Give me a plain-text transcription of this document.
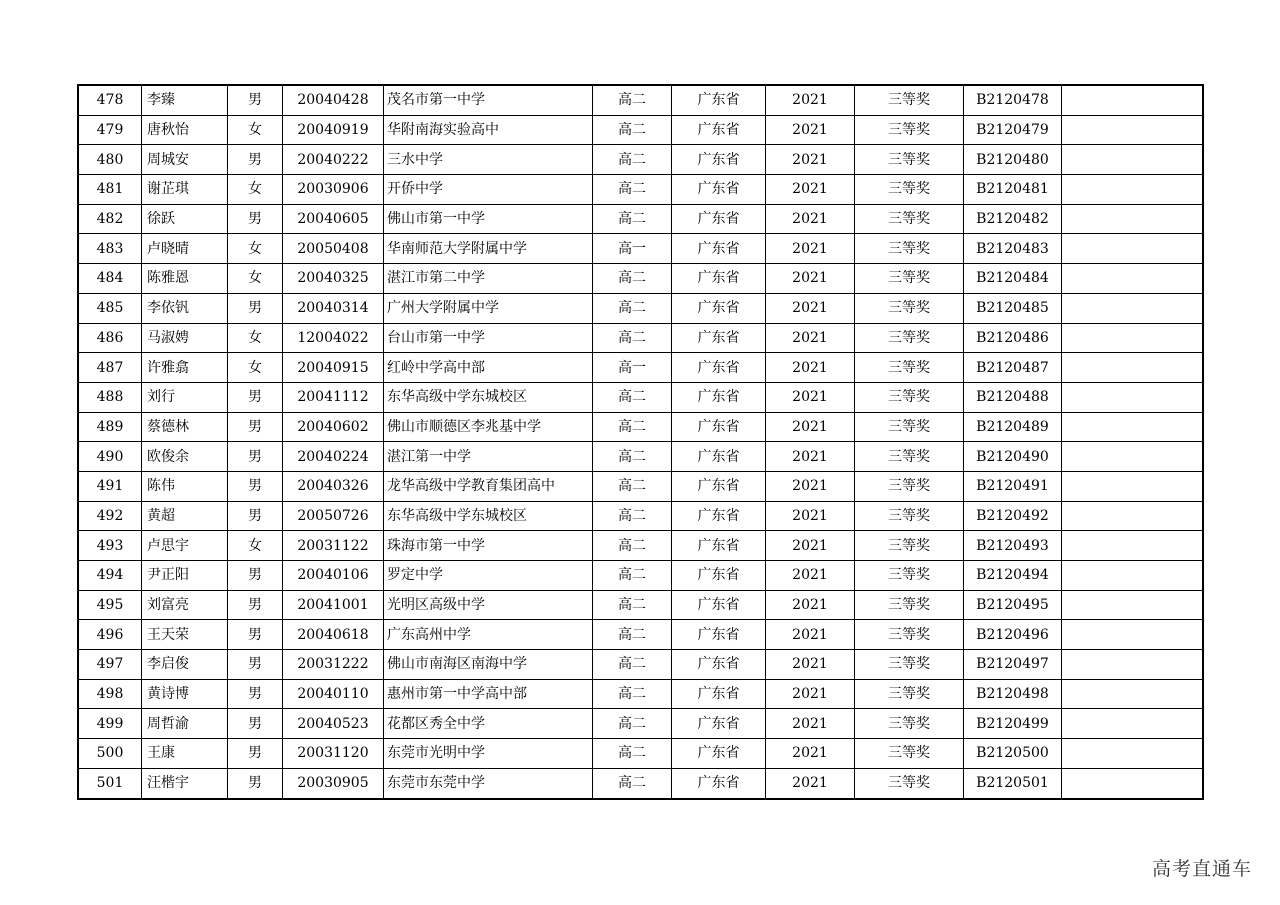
478	李臻	男	20040428	茂名市第一中学	高二	广东省	2021	三等奖	B2120478	
479	唐秋怡	女	20040919	华附南海实验高中	高二	广东省	2021	三等奖	B2120479	
480	周城安	男	20040222	三水中学	高二	广东省	2021	三等奖	B2120480	
481	谢芷琪	女	20030906	开侨中学	高二	广东省	2021	三等奖	B2120481	
482	徐跃	男	20040605	佛山市第一中学	高二	广东省	2021	三等奖	B2120482	
483	卢晓晴	女	20050408	华南师范大学附属中学	高一	广东省	2021	三等奖	B2120483	
484	陈雅恩	女	20040325	湛江市第二中学	高二	广东省	2021	三等奖	B2120484	
485	李依钒	男	20040314	广州大学附属中学	高二	广东省	2021	三等奖	B2120485	
486	马淑娉	女	12004022	台山市第一中学	高二	广东省	2021	三等奖	B2120486	
487	许雅翕	女	20040915	红岭中学高中部	高一	广东省	2021	三等奖	B2120487	
488	刘行	男	20041112	东华高级中学东城校区	高二	广东省	2021	三等奖	B2120488	
489	蔡德林	男	20040602	佛山市顺德区李兆基中学	高二	广东省	2021	三等奖	B2120489	
490	欧俊余	男	20040224	湛江第一中学	高二	广东省	2021	三等奖	B2120490	
491	陈伟	男	20040326	龙华高级中学教育集团高中	高二	广东省	2021	三等奖	B2120491	
492	黄超	男	20050726	东华高级中学东城校区	高二	广东省	2021	三等奖	B2120492	
493	卢思宇	女	20031122	珠海市第一中学	高二	广东省	2021	三等奖	B2120493	
494	尹正阳	男	20040106	罗定中学	高二	广东省	2021	三等奖	B2120494	
495	刘富亮	男	20041001	光明区高级中学	高二	广东省	2021	三等奖	B2120495	
496	王天荣	男	20040618	广东高州中学	高二	广东省	2021	三等奖	B2120496	
497	李启俊	男	20031222	佛山市南海区南海中学	高二	广东省	2021	三等奖	B2120497	
498	黄诗博	男	20040110	惠州市第一中学高中部	高二	广东省	2021	三等奖	B2120498	
499	周哲渝	男	20040523	花都区秀全中学	高二	广东省	2021	三等奖	B2120499	
500	王康	男	20031120	东莞市光明中学	高二	广东省	2021	三等奖	B2120500	
501	汪楷宇	男	20030905	东莞市东莞中学	高二	广东省	2021	三等奖	B2120501	
高考直通车
